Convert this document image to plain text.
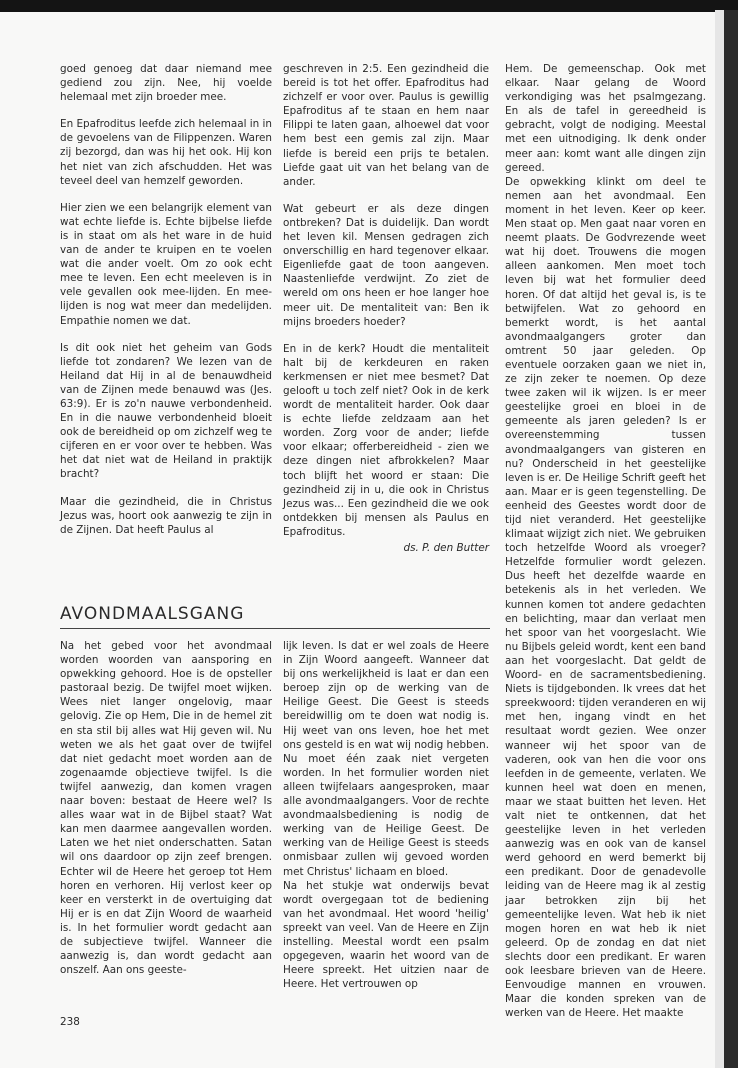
goed genoeg dat daar niemand mee gediend zou zijn. Nee, hij voelde helemaal met zijn broeder mee.

En Epafroditus leefde zich helemaal in in de gevoelens van de Filippenzen. Waren zij bezorgd, dan was hij het ook. Hij kon het niet van zich afschudden. Het was teveel deel van hemzelf geworden.

Hier zien we een belangrijk element van wat echte liefde is. Echte bijbelse liefde is in staat om als het ware in de huid van de ander te kruipen en te voelen wat die ander voelt. Om zo ook echt mee te leven. Een echt meeleven is in vele gevallen ook mee-lijden. En mee-lijden is nog wat meer dan medelijden. Empathie nomen we dat.

Is dit ook niet het geheim van Gods liefde tot zondaren? We lezen van de Heiland dat Hij in al de benauwdheid van de Zijnen mede benauwd was (Jes. 63:9). Er is zo'n nauwe verbondenheid. En in die nauwe verbondenheid bloeit ook de bereidheid op om zichzelf weg te cijferen en er voor over te hebben. Was het dat niet wat de Heiland in praktijk bracht?

Maar die gezindheid, die in Christus Jezus was, hoort ook aanwezig te zijn in de Zijnen. Dat heeft Paulus al

geschreven in 2:5. Een gezindheid die bereid is tot het offer. Epafroditus had zichzelf er voor over. Paulus is gewillig Epafroditus af te staan en hem naar Filippi te laten gaan, alhoewel dat voor hem best een gemis zal zijn. Maar liefde is bereid een prijs te betalen. Liefde gaat uit van het belang van de ander.

Wat gebeurt er als deze dingen ontbreken? Dat is duidelijk. Dan wordt het leven kil. Mensen gedragen zich onverschillig en hard tegenover elkaar. Eigenliefde gaat de toon aangeven. Naastenliefde verdwijnt. Zo ziet de wereld om ons heen er hoe langer hoe meer uit. De mentaliteit van: Ben ik mijns broeders hoeder?

En in de kerk? Houdt die mentaliteit halt bij de kerkdeuren en raken kerkmensen er niet mee besmet? Dat gelooft u toch zelf niet? Ook in de kerk wordt de mentaliteit harder. Ook daar is echte liefde zeldzaam aan het worden. Zorg voor de ander; liefde voor elkaar; offerbereidheid - zien we deze dingen niet afbrokkelen? Maar toch blijft het woord er staan: Die gezindheid zij in u, die ook in Christus Jezus was... Een gezindheid die we ook ontdekken bij mensen als Paulus en Epafroditus.

ds. P. den Butter

Hem. De gemeenschap. Ook met elkaar. Naar gelang de Woord verkondiging was het psalmgezang. En als de tafel in gereedheid is gebracht, volgt de nodiging. Meestal met een uitnodiging. Ik denk onder meer aan: komt want alle dingen zijn gereed.

De opwekking klinkt om deel te nemen aan het avondmaal. Een moment in het leven. Keer op keer. Men staat op. Men gaat naar voren en neemt plaats. De Godvrezende weet wat hij doet. Trouwens die mogen alleen aankomen. Men moet toch leven bij wat het formulier deed horen. Of dat altijd het geval is, is te betwijfelen. Wat zo gehoord en bemerkt wordt, is het aantal avondmaalgangers groter dan omtrent 50 jaar geleden. Op eventuele oorzaken gaan we niet in, ze zijn zeker te noemen. Op deze twee zaken wil ik wijzen. Is er meer geestelijke groei en bloei in de gemeente als jaren geleden? Is er overeenstemming tussen avondmaalgangers van gisteren en nu? Onderscheid in het geestelijke leven is er. De Heilige Schrift geeft het aan. Maar er is geen tegenstelling. De eenheid des Geestes wordt door de tijd niet veranderd. Het geestelijke klimaat wijzigt zich niet. We gebruiken toch hetzelfde Woord als vroeger? Hetzelfde formulier wordt gelezen. Dus heeft het dezelfde waarde en betekenis als in het verleden. We kunnen komen tot andere gedachten en belichting, maar dan verlaat men het spoor van het voorgeslacht. Wie nu Bijbels geleid wordt, kent een band aan het voorgeslacht. Dat geldt de Woord- en de sacramentsbediening. Niets is tijdgebonden. Ik vrees dat het spreekwoord: tijden veranderen en wij met hen, ingang vindt en het resultaat wordt gezien. Wee onzer wanneer wij het spoor van de vaderen, ook van hen die voor ons leefden in de gemeente, verlaten. We kunnen heel wat doen en menen, maar we staat buitten het leven. Het valt niet te ontkennen, dat het geestelijke leven in het verleden aanwezig was en ook van de kansel werd gehoord en werd bemerkt bij een predikant. Door de genadevolle leiding van de Heere mag ik al zestig jaar betrokken zijn bij het gemeentelijke leven. Wat heb ik niet mogen horen en wat heb ik niet geleerd. Op de zondag en dat niet slechts door een predikant. Er waren ook leesbare brieven van de Heere. Eenvoudige mannen en vrouwen. Maar die konden spreken van de werken van de Heere. Het maakte

AVONDMAALSGANG

Na het gebed voor het avondmaal worden woorden van aansporing en opwekking gehoord. Hoe is de opsteller pastoraal bezig. De twijfel moet wijken. Wees niet langer ongelovig, maar gelovig. Zie op Hem, Die in de hemel zit en sta stil bij alles wat Hij geven wil. Nu weten we als het gaat over de twijfel dat niet gedacht moet worden aan de zogenaamde objectieve twijfel. Is die twijfel aanwezig, dan komen vragen naar boven: bestaat de Heere wel? Is alles waar wat in de Bijbel staat? Wat kan men daarmee aangevallen worden. Laten we het niet onderschatten. Satan wil ons daardoor op zijn zeef brengen. Echter wil de Heere het geroep tot Hem horen en verhoren. Hij verlost keer op keer en versterkt in de overtuiging dat Hij er is en dat Zijn Woord de waarheid is. In het formulier wordt gedacht aan de subjectieve twijfel. Wanneer die aanwezig is, dan wordt gedacht aan onszelf. Aan ons geeste-

lijk leven. Is dat er wel zoals de Heere in Zijn Woord aangeeft. Wanneer dat bij ons werkelijkheid is laat er dan een beroep zijn op de werking van de Heilige Geest. Die Geest is steeds bereidwillig om te doen wat nodig is. Hij weet van ons leven, hoe het met ons gesteld is en wat wij nodig hebben. Nu moet één zaak niet vergeten worden. In het formulier worden niet alleen twijfelaars aangesproken, maar alle avondmaalgangers. Voor de rechte avondmaalsbediening is nodig de werking van de Heilige Geest. De werking van de Heilige Geest is steeds onmisbaar zullen wij gevoed worden met Christus' lichaam en bloed.

Na het stukje wat onderwijs bevat wordt overgegaan tot de bediening van het avondmaal. Het woord 'heilig' spreekt van veel. Van de Heere en Zijn instelling. Meestal wordt een psalm opgegeven, waarin het woord van de Heere spreekt. Het uitzien naar de Heere. Het vertrouwen op

238
